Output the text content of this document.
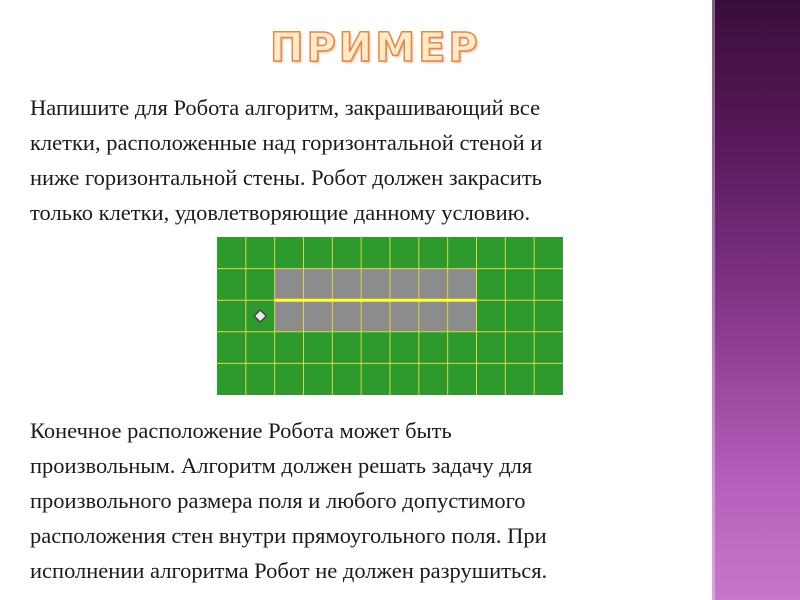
ПРИМЕР

Напишите для Робота алгоритм, закрашивающий все
клетки, расположенные над горизонтальной стеной и
ниже горизонтальной стены. Робот должен закрасить
только клетки, удовлетворяющие данному условию.

Конечное расположение Робота может быть
произвольным. Алгоритм должен решать задачу для
произвольного размера поля и любого допустимого
расположения стен внутри прямоугольного поля. При
исполнении алгоритма Робот не должен разрушиться.
